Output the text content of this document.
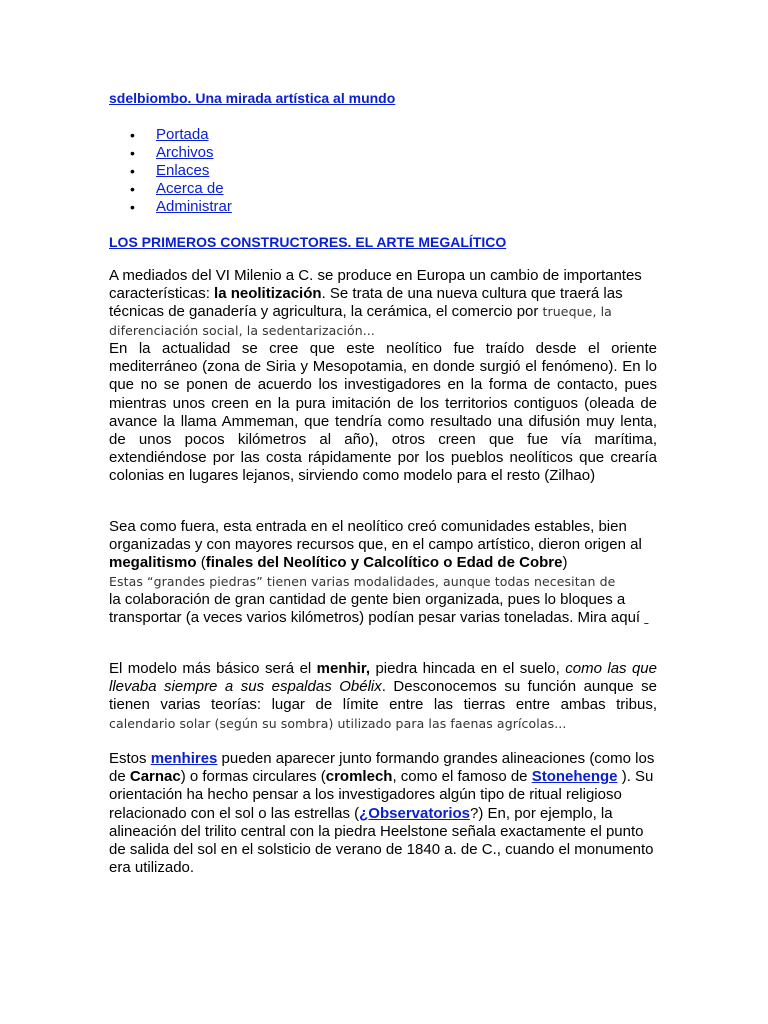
sdelbiombo. Una mirada artística al mundo
• Portada
• Archivos
• Enlaces
• Acerca de
• Administrar
LOS PRIMEROS CONSTRUCTORES. EL ARTE MEGALÍTICO
A mediados del VI Milenio a C. se produce en Europa un cambio de importantes características: la neolitización. Se trata de una nueva cultura que traerá las técnicas de ganadería y agricultura, la cerámica, el comercio por trueque, la diferenciación social, la sedentarización...
En la actualidad se cree que este neolítico fue traído desde el oriente mediterráneo (zona de Siria y Mesopotamia, en donde surgió el fenómeno). En lo que no se ponen de acuerdo los investigadores en la forma de contacto, pues mientras unos creen en la pura imitación de los territorios contiguos (oleada de avance la llama Ammeman, que tendría como resultado una difusión muy lenta, de unos pocos kilómetros al año), otros creen que fue vía marítima, extendiéndose por las costa rápidamente por los pueblos neolíticos que crearía colonias en lugares lejanos, sirviendo como modelo para el resto (Zilhao)
Sea como fuera, esta entrada en el neolítico creó comunidades estables, bien organizadas y con mayores recursos que, en el campo artístico, dieron origen al megalitismo (finales del Neolítico y Calcolítico o Edad de Cobre)
Estas “grandes piedras” tienen varias modalidades, aunque todas necesitan de
la colaboración de gran cantidad de gente bien organizada, pues lo bloques a transportar (a veces varios kilómetros) podían pesar varias toneladas. Mira aquí
El modelo más básico será el menhir, piedra hincada en el suelo, como las que llevaba siempre a sus espaldas Obélix. Desconocemos su función aunque se tienen varias teorías: lugar de límite entre las tierras entre ambas tribus, calendario solar (según su sombra) utilizado para las faenas agrícolas...
Estos menhires pueden aparecer junto formando grandes alineaciones (como los de Carnac) o formas circulares (cromlech, como el famoso de Stonehenge ). Su orientación ha hecho pensar a los investigadores algún tipo de ritual religioso relacionado con el sol o las estrellas (¿Observatorios?) En, por ejemplo, la alineación del trilito central con la piedra Heelstone señala exactamente el punto de salida del sol en el solsticio de verano de 1840 a. de C., cuando el monumento era utilizado.
